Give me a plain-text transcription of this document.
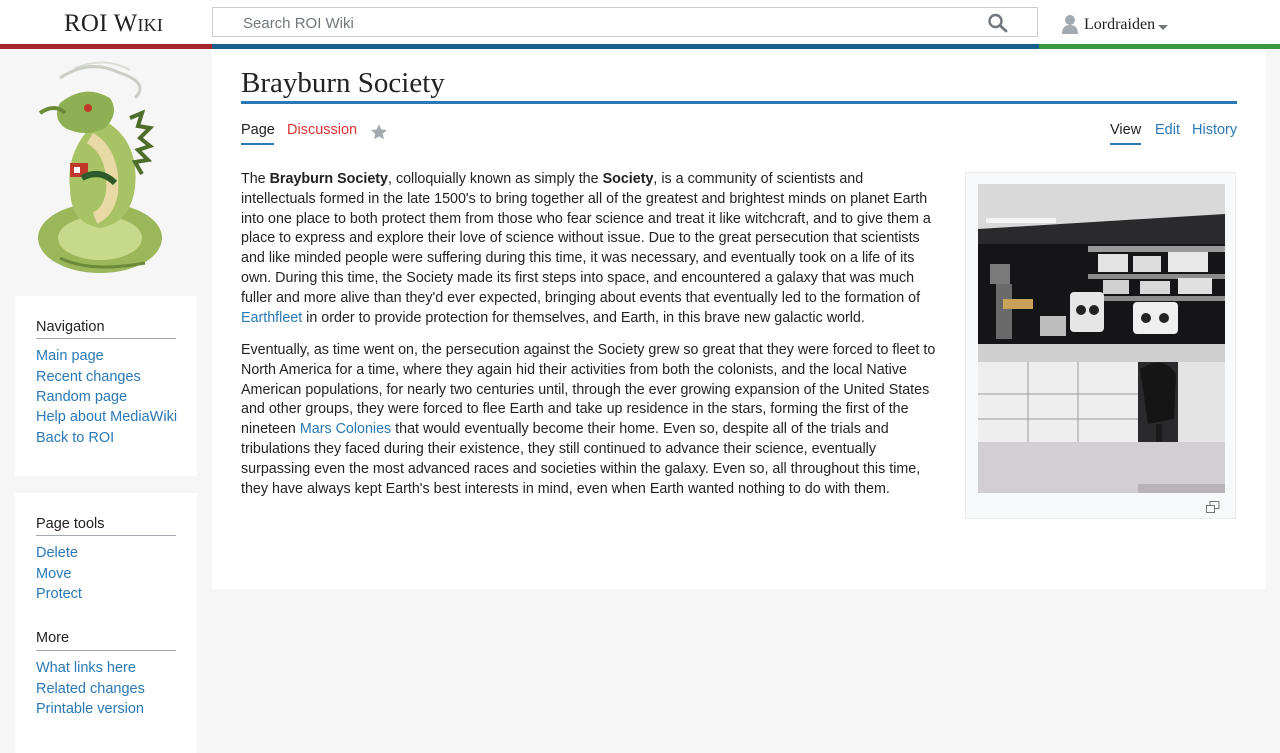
ROI Wiki
Search ROI Wiki	Lordraiden
Navigation
Main page
Recent changes
Random page
Help about MediaWiki
Back to ROI
Page tools
Delete
Move
Protect
More
What links here
Related changes
Printable version
Brayburn Society
Page Discussion	View Edit History

The Brayburn Society, colloquially known as simply the Society, is a community of scientists and intellectuals formed in the late 1500's to bring together all of the greatest and brightest minds on planet Earth into one place to both protect them from those who fear science and treat it like witchcraft, and to give them a place to express and explore their love of science without issue. Due to the great persecution that scientists and like minded people were suffering during this time, it was necessary, and eventually took on a life of its own. During this time, the Society made its first steps into space, and encountered a galaxy that was much fuller and more alive than they'd ever expected, bringing about events that eventually led to the formation of Earthfleet in order to provide protection for themselves, and Earth, in this brave new galactic world.

Eventually, as time went on, the persecution against the Society grew so great that they were forced to fleet to North America for a time, where they again hid their activities from both the colonists, and the local Native American populations, for nearly two centuries until, through the ever growing expansion of the United States and other groups, they were forced to flee Earth and take up residence in the stars, forming the first of the nineteen Mars Colonies that would eventually become their home. Even so, despite all of the trials and tribulations they faced during their existence, they still continued to advance their science, eventually surpassing even the most advanced races and societies within the galaxy. Even so, all throughout this time, they have always kept Earth's best interests in mind, even when Earth wanted nothing to do with them.
